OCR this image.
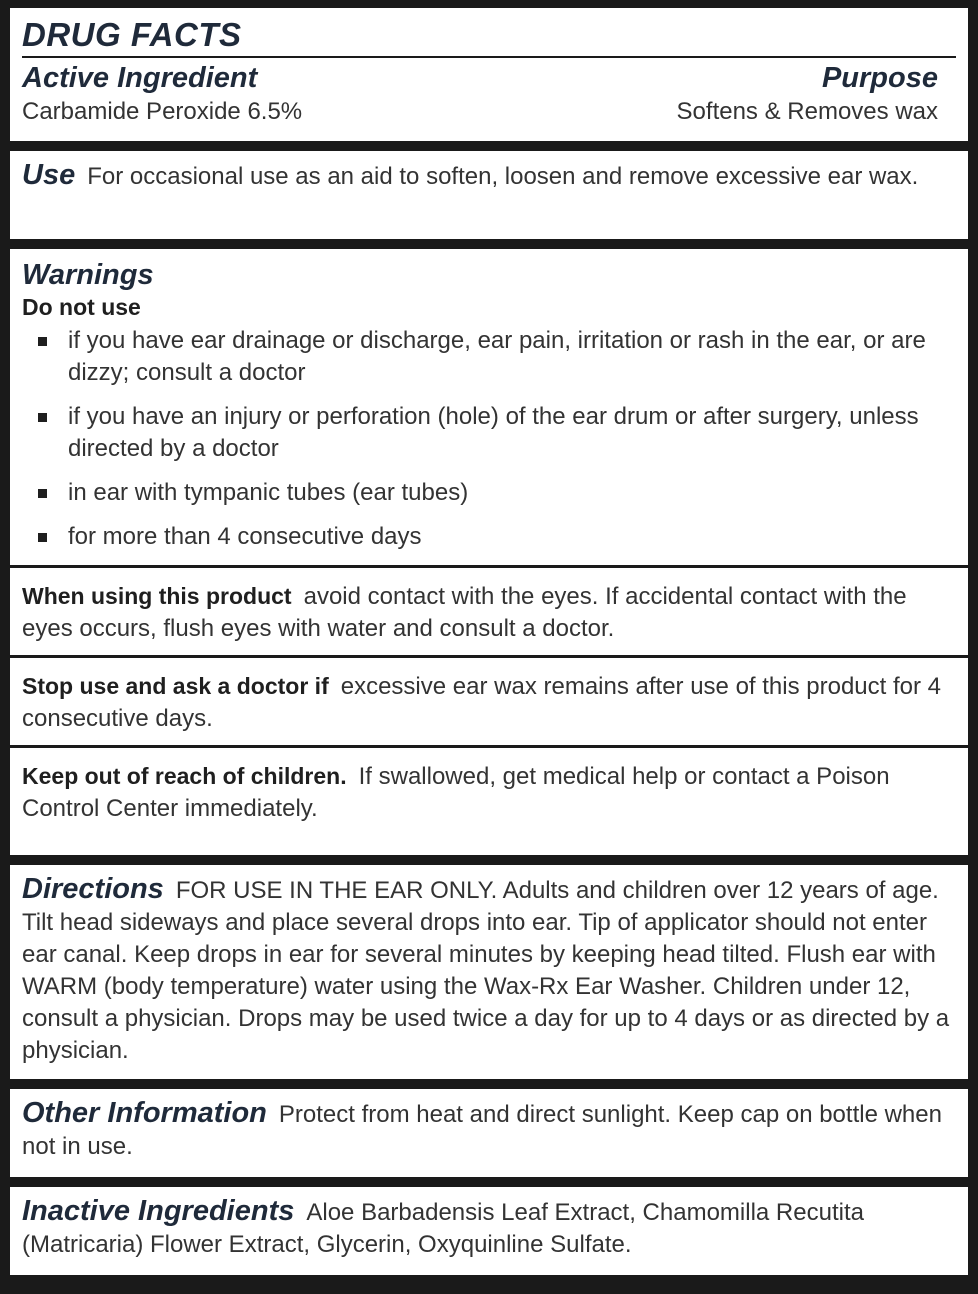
DRUG FACTS
Active Ingredient	Purpose
Carbamide Peroxide 6.5%	Softens & Removes wax
Use For occasional use as an aid to soften, loosen and remove excessive ear wax.
Warnings
Do not use
if you have ear drainage or discharge, ear pain, irritation or rash in the ear, or are dizzy; consult a doctor
if you have an injury or perforation (hole) of the ear drum or after surgery, unless directed by a doctor
in ear with tympanic tubes (ear tubes)
for more than 4 consecutive days
When using this product avoid contact with the eyes. If accidental contact with the eyes occurs, flush eyes with water and consult a doctor.
Stop use and ask a doctor if excessive ear wax remains after use of this product for 4 consecutive days.
Keep out of reach of children. If swallowed, get medical help or contact a Poison Control Center immediately.
Directions FOR USE IN THE EAR ONLY. Adults and children over 12 years of age. Tilt head sideways and place several drops into ear. Tip of applicator should not enter ear canal. Keep drops in ear for several minutes by keeping head tilted. Flush ear with WARM (body temperature) water using the Wax-Rx Ear Washer. Children under 12, consult a physician. Drops may be used twice a day for up to 4 days or as directed by a physician.
Other Information Protect from heat and direct sunlight. Keep cap on bottle when not in use.
Inactive Ingredients Aloe Barbadensis Leaf Extract, Chamomilla Recutita (Matricaria) Flower Extract, Glycerin, Oxyquinline Sulfate.
